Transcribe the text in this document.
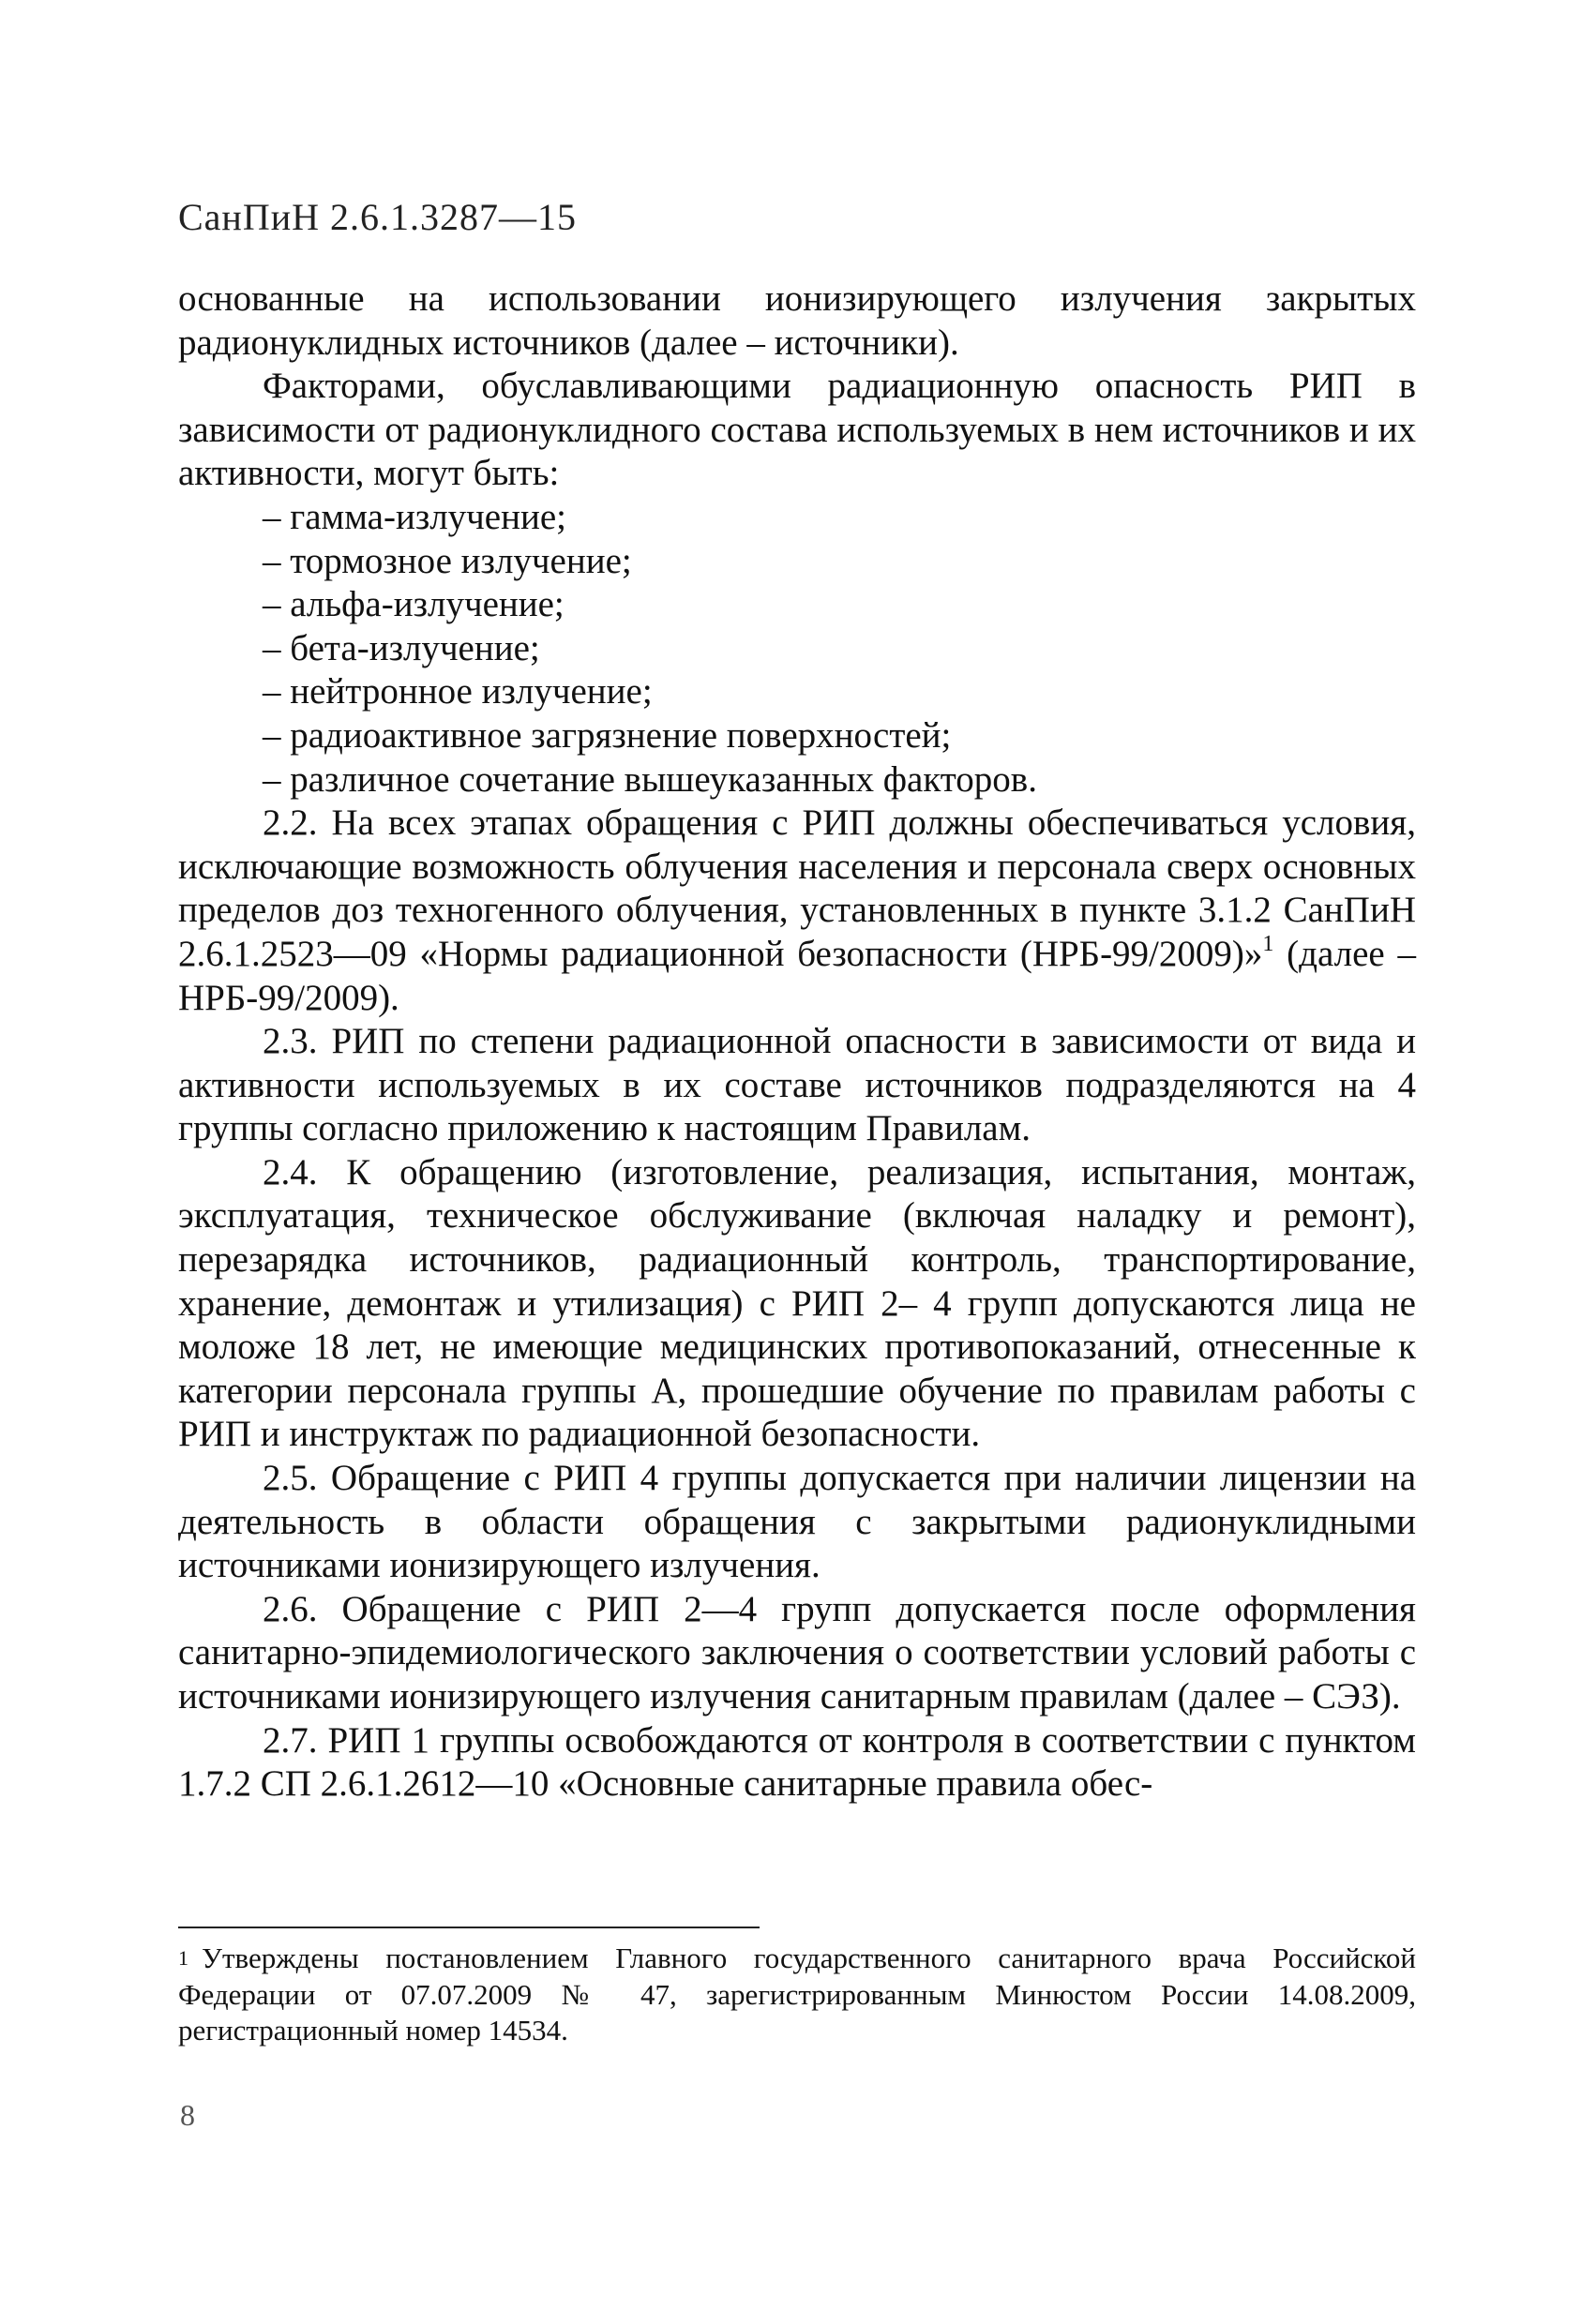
СанПиН 2.6.1.3287—15

основанные на использовании ионизирующего излучения закрытых радионуклидных источников (далее – источники).

Факторами, обуславливающими радиационную опасность РИП в зависимости от радионуклидного состава используемых в нем источников и их активности, могут быть:

– гамма-излучение;
– тормозное излучение;
– альфа-излучение;
– бета-излучение;
– нейтронное излучение;
– радиоактивное загрязнение поверхностей;
– различное сочетание вышеуказанных факторов.

2.2. На всех этапах обращения с РИП должны обеспечиваться условия, исключающие возможность облучения населения и персонала сверх основных пределов доз техногенного облучения, установленных в пункте 3.1.2 СанПиН 2.6.1.2523—09 «Нормы радиационной безопасности (НРБ-99/2009)»$^1$ (далее – НРБ-99/2009).

2.3. РИП по степени радиационной опасности в зависимости от вида и активности используемых в их составе источников подразделяются на 4 группы согласно приложению к настоящим Правилам.

2.4. К обращению (изготовление, реализация, испытания, монтаж, эксплуатация, техническое обслуживание (включая наладку и ремонт), перезарядка источников, радиационный контроль, транспортирование, хранение, демонтаж и утилизация) с РИП 2– 4 групп допускаются лица не моложе 18 лет, не имеющие медицинских противопоказаний, отнесенные к категории персонала группы А, прошедшие обучение по правилам работы с РИП и инструктаж по радиационной безопасности.

2.5. Обращение с РИП 4 группы допускается при наличии лицензии на деятельность в области обращения с закрытыми радионуклидными источниками ионизирующего излучения.

2.6. Обращение с РИП 2—4 групп допускается после оформления санитарно-эпидемиологического заключения о соответствии условий работы с источниками ионизирующего излучения санитарным правилам (далее – СЭЗ).

2.7. РИП 1 группы освобождаются от контроля в соответствии с пунктом 1.7.2 СП 2.6.1.2612—10 «Основные санитарные правила обес-

1 Утверждены постановлением Главного государственного санитарного врача Российской Федерации от 07.07.2009 № 47, зарегистрированным Минюстом России 14.08.2009, регистрационный номер 14534.
8
